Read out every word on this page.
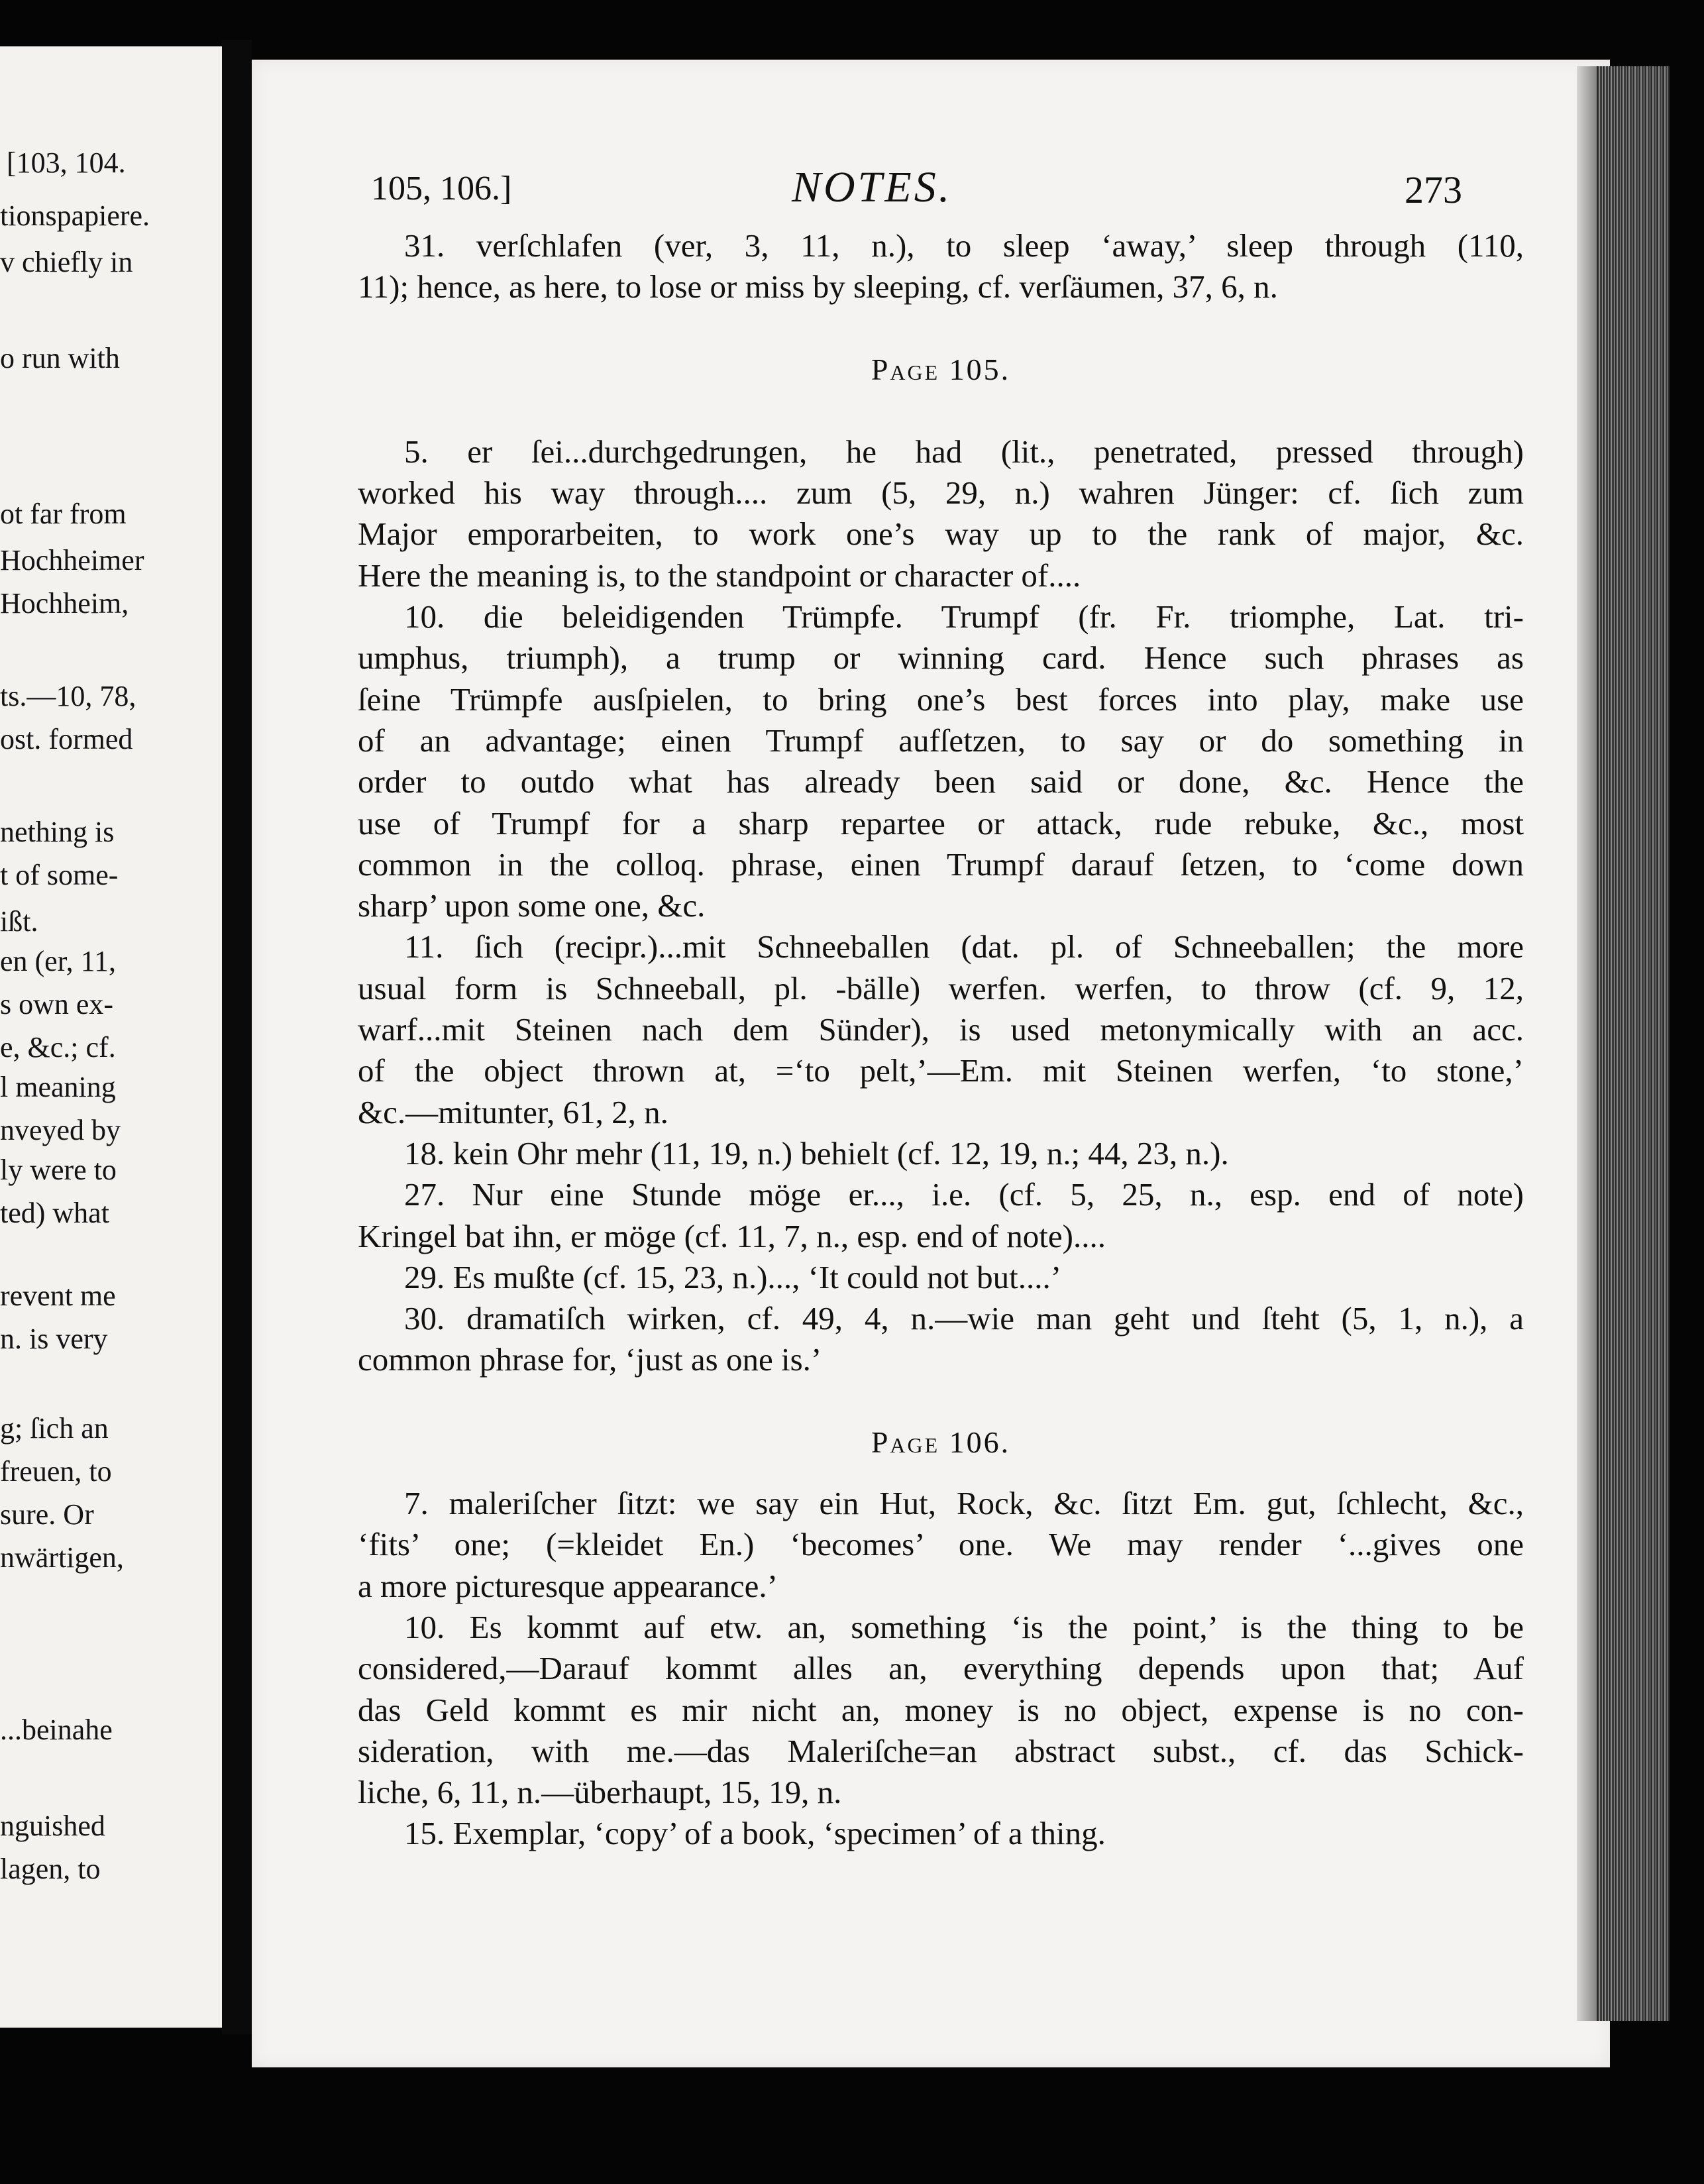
[103, 104.
tionspapiere.
v chiefly in
o run with
ot far from
Hochheimer
Hochheim,
ts.—10, 78,
ost. formed
nething is
t of some-
ißt.
en (er, 11,
s own ex-
e, &c.; cf.
l meaning
nveyed by
ly were to
ted) what
revent me
n. is very
g; ſich an
freuen, to
sure. Or
nwärtigen,
...beinahe
nguished
lagen, to
105, 106.]	NOTES.	273
31. verſchlafen (ver, 3, 11, n.), to sleep ‘away,’ sleep through (110,
11); hence, as here, to lose or miss by sleeping, cf. verſäumen, 37, 6, n.
Page 105.
5. er ſei...durchgedrungen, he had (lit., penetrated, pressed through)
worked his way through.... zum (5, 29, n.) wahren Jünger: cf. ſich zum
Major emporarbeiten, to work one’s way up to the rank of major, &c.
Here the meaning is, to the standpoint or character of....
10. die beleidigenden Trümpfe. Trumpf (fr. Fr. triomphe, Lat. tri-
umphus, triumph), a trump or winning card. Hence such phrases as
ſeine Trümpfe ausſpielen, to bring one’s best forces into play, make use
of an advantage; einen Trumpf aufſetzen, to say or do something in
order to outdo what has already been said or done, &c. Hence the
use of Trumpf for a sharp repartee or attack, rude rebuke, &c., most
common in the colloq. phrase, einen Trumpf darauf ſetzen, to ‘come down
sharp’ upon some one, &c.
11. ſich (recipr.)...mit Schneeballen (dat. pl. of Schneeballen; the more
usual form is Schneeball, pl. -bälle) werfen. werfen, to throw (cf. 9, 12,
warf...mit Steinen nach dem Sünder), is used metonymically with an acc.
of the object thrown at, =‘to pelt,’—Em. mit Steinen werfen, ‘to stone,’
&c.—mitunter, 61, 2, n.
18. kein Ohr mehr (11, 19, n.) behielt (cf. 12, 19, n.; 44, 23, n.).
27. Nur eine Stunde möge er..., i.e. (cf. 5, 25, n., esp. end of note)
Kringel bat ihn, er möge (cf. 11, 7, n., esp. end of note)....
29. Es mußte (cf. 15, 23, n.)..., ‘It could not but....’
30. dramatiſch wirken, cf. 49, 4, n.—wie man geht und ſteht (5, 1, n.), a
common phrase for, ‘just as one is.’
Page 106.
7. maleriſcher ſitzt: we say ein Hut, Rock, &c. ſitzt Em. gut, ſchlecht, &c.,
‘fits’ one; (=kleidet En.) ‘becomes’ one. We may render ‘...gives one
a more picturesque appearance.’
10. Es kommt auf etw. an, something ‘is the point,’ is the thing to be
considered,—Darauf kommt alles an, everything depends upon that; Auf
das Geld kommt es mir nicht an, money is no object, expense is no con-
sideration, with me.—das Maleriſche=an abstract subst., cf. das Schick-
liche, 6, 11, n.—überhaupt, 15, 19, n.
15. Exemplar, ‘copy’ of a book, ‘specimen’ of a thing.
